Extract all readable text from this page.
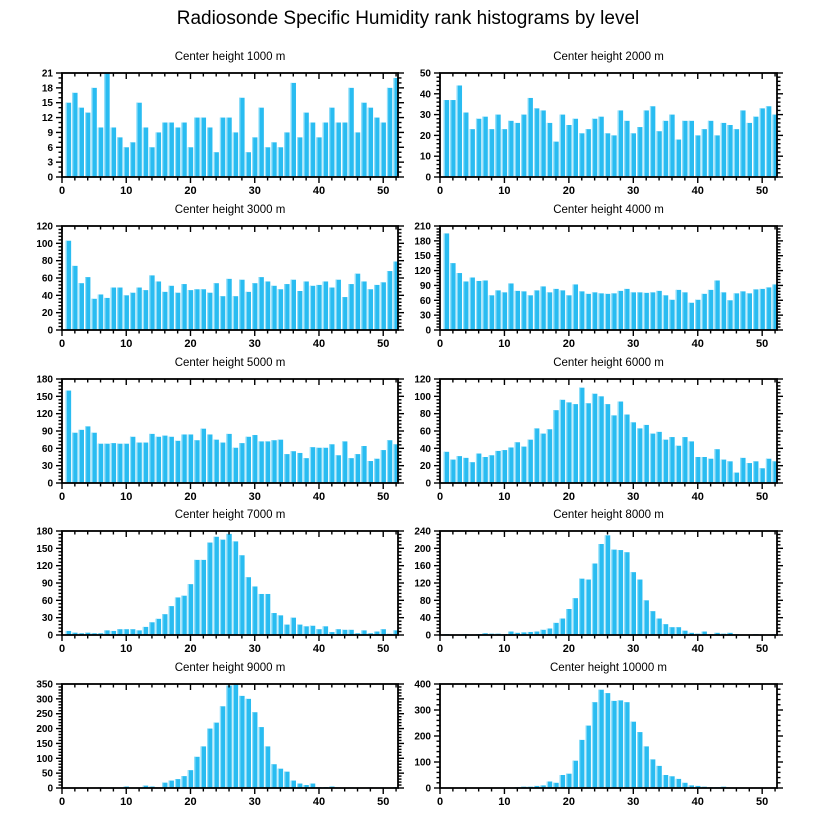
Radiosonde Specific Humidity rank histograms by level
Center height 1000 m
0	10	20	30	40	50
0
3
6
9
12
15
18
21
Center height 2000 m
0	10	20	30	40	50
0
10
20
30
40
50
Center height 3000 m
0	10	20	30	40	50
0
20
40
60
80
100
120
Center height 4000 m
0	10	20	30	40	50
0
30
60
90
120
150
180
210
Center height 5000 m
0	10	20	30	40	50
0
30
60
90
120
150
180
Center height 6000 m
0	10	20	30	40	50
0
20
40
60
80
100
120
Center height 7000 m
0	10	20	30	40	50
0
30
60
90
120
150
180
Center height 8000 m
0	10	20	30	40	50
0
40
80
120
160
200
240
Center height 9000 m
0	10	20	30	40	50
0
50
100
150
200
250
300
350
Center height 10000 m
0	10	20	30	40	50
0
100
200
300
400
